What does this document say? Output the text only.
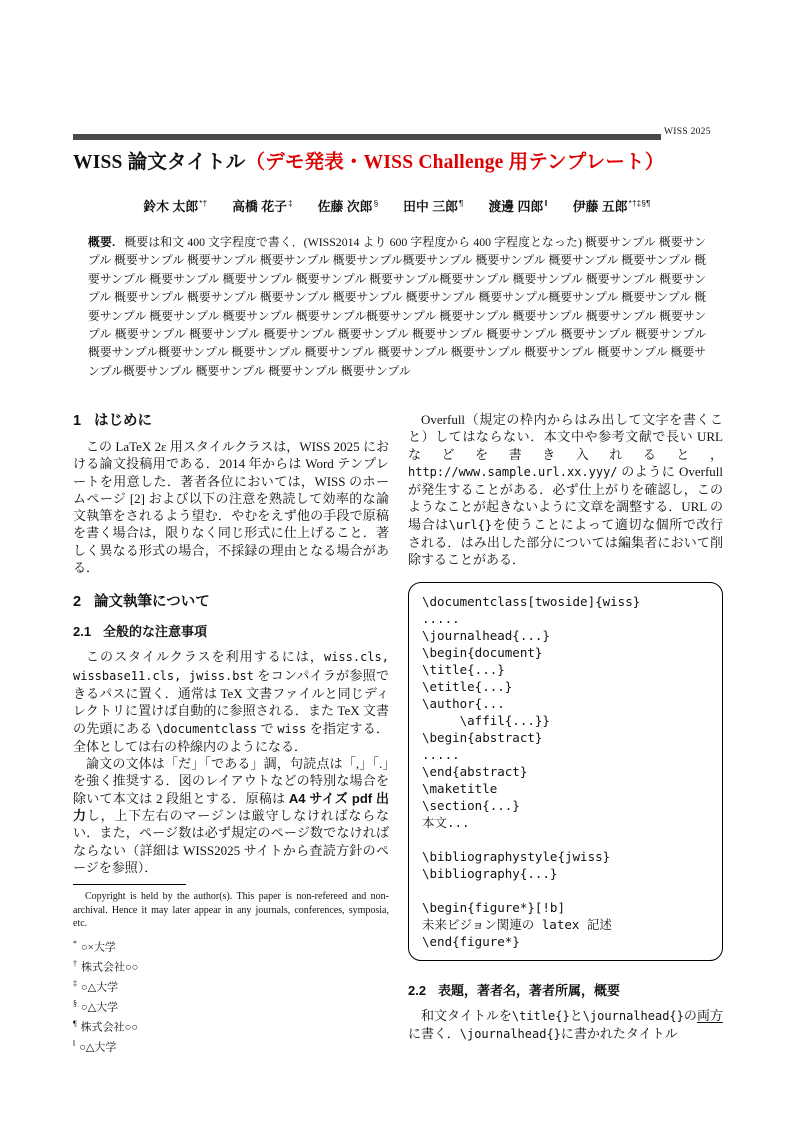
WISS 2025
WISS 論文タイトル（デモ発表・WISS Challenge 用テンプレート）
鈴木 太郎*† 高橋 花子‡ 佐藤 次郎§ 田中 三郎¶ 渡邊 四郎‖ 伊藤 五郎*†‡§¶

概要. 概要は和文 400 文字程度で書く．(WISS2014 より 600 字程度から 400 字程度となった) 概要サンプル 概要サンプル 概要サンプル 概要サンプル 概要サンプル 概要サンプル概要サンプル 概要サンプル 概要サンプル 概要サンプル 概要サンプル 概要サンプル 概要サンプル 概要サンプル 概要サンプル概要サンプル 概要サンプル 概要サンプル 概要サンプル 概要サンプル 概要サンプル 概要サンプル 概要サンプル 概要サンプル 概要サンプル概要サンプル 概要サンプル 概要サンプル 概要サンプル 概要サンプル 概要サンプル概要サンプル 概要サンプル 概要サンプル 概要サンプル 概要サンプル 概要サンプル 概要サンプル 概要サンプル 概要サンプル 概要サンプル 概要サンプル 概要サンプル 概要サンプル 概要サンプル概要サンプル 概要サンプル 概要サンプル 概要サンプル 概要サンプル 概要サンプル 概要サンプル 概要サンプル概要サンプル 概要サンプル 概要サンプル 概要サンプル

1 はじめに

この LaTeX 2ε 用スタイルクラスは，WISS 2025 における論文投稿用である．2014 年からは Word テンプレートを用意した．著者各位においては，WISS のホームページ [2] および以下の注意を熟読して効率的な論文執筆をされるよう望む．やむをえず他の手段で原稿を書く場合は，限りなく同じ形式に仕上げること．著しく異なる形式の場合，不採録の理由となる場合がある．

2 論文執筆について
2.1 全般的な注意事項

このスタイルクラスを利用するには，wiss.cls, wissbase11.cls, jwiss.bst をコンパイラが参照できるパスに置く．通常は TeX 文書ファイルと同じディレクトリに置けば自動的に参照される．また TeX 文書の先頭にある \documentclass で wiss を指定する．全体としては右の枠線内のようになる．

論文の文体は「だ」「である」調，句読点は「,」「.」を強く推奨する．図のレイアウトなどの特別な場合を除いて本文は 2 段組とする．原稿は A4 サイズ pdf 出力し，上下左右のマージンは厳守しなければならない．また，ページ数は必ず規定のページ数でなければならない（詳細は WISS2025 サイトから査読方針のページを参照）．

Copyright is held by the author(s). This paper is non-refereed and non-archival. Hence it may later appear in any journals, conferences, symposia, etc.

* ○×大学
† 株式会社○○
‡ ○△大学
§ ○△大学
¶ 株式会社○○
‖ ○△大学

Overfull（規定の枠内からはみ出して文字を書くこと）してはならない．本文中や参考文献で長い URL などを書き入れると，http://www.sample.url.xx.yyy/ のように Overfull が発生することがある．必ず仕上がりを確認し，このようなことが起きないように文章を調整する．URL の場合は\url{}を使うことによって適切な個所で改行される．はみ出した部分については編集者において削除することがある．

\documentclass[twoside]{wiss}
.....
\journalhead{...}
\begin{document}
\title{...}
\etitle{...}
\author{...
\affil{...}}
\begin{abstract}
.....
\end{abstract}
\maketitle
\section{...}
本文...
\bibliographystyle{jwiss}
\bibliography{...}
\begin{figure*}[!b]
未来ビジョン関連の latex 記述
\end{figure*}
2.2 表題，著者名，著者所属，概要

和文タイトルを\title{}と\journalhead{}の両方に書く．\journalhead{}に書かれたタイトル
